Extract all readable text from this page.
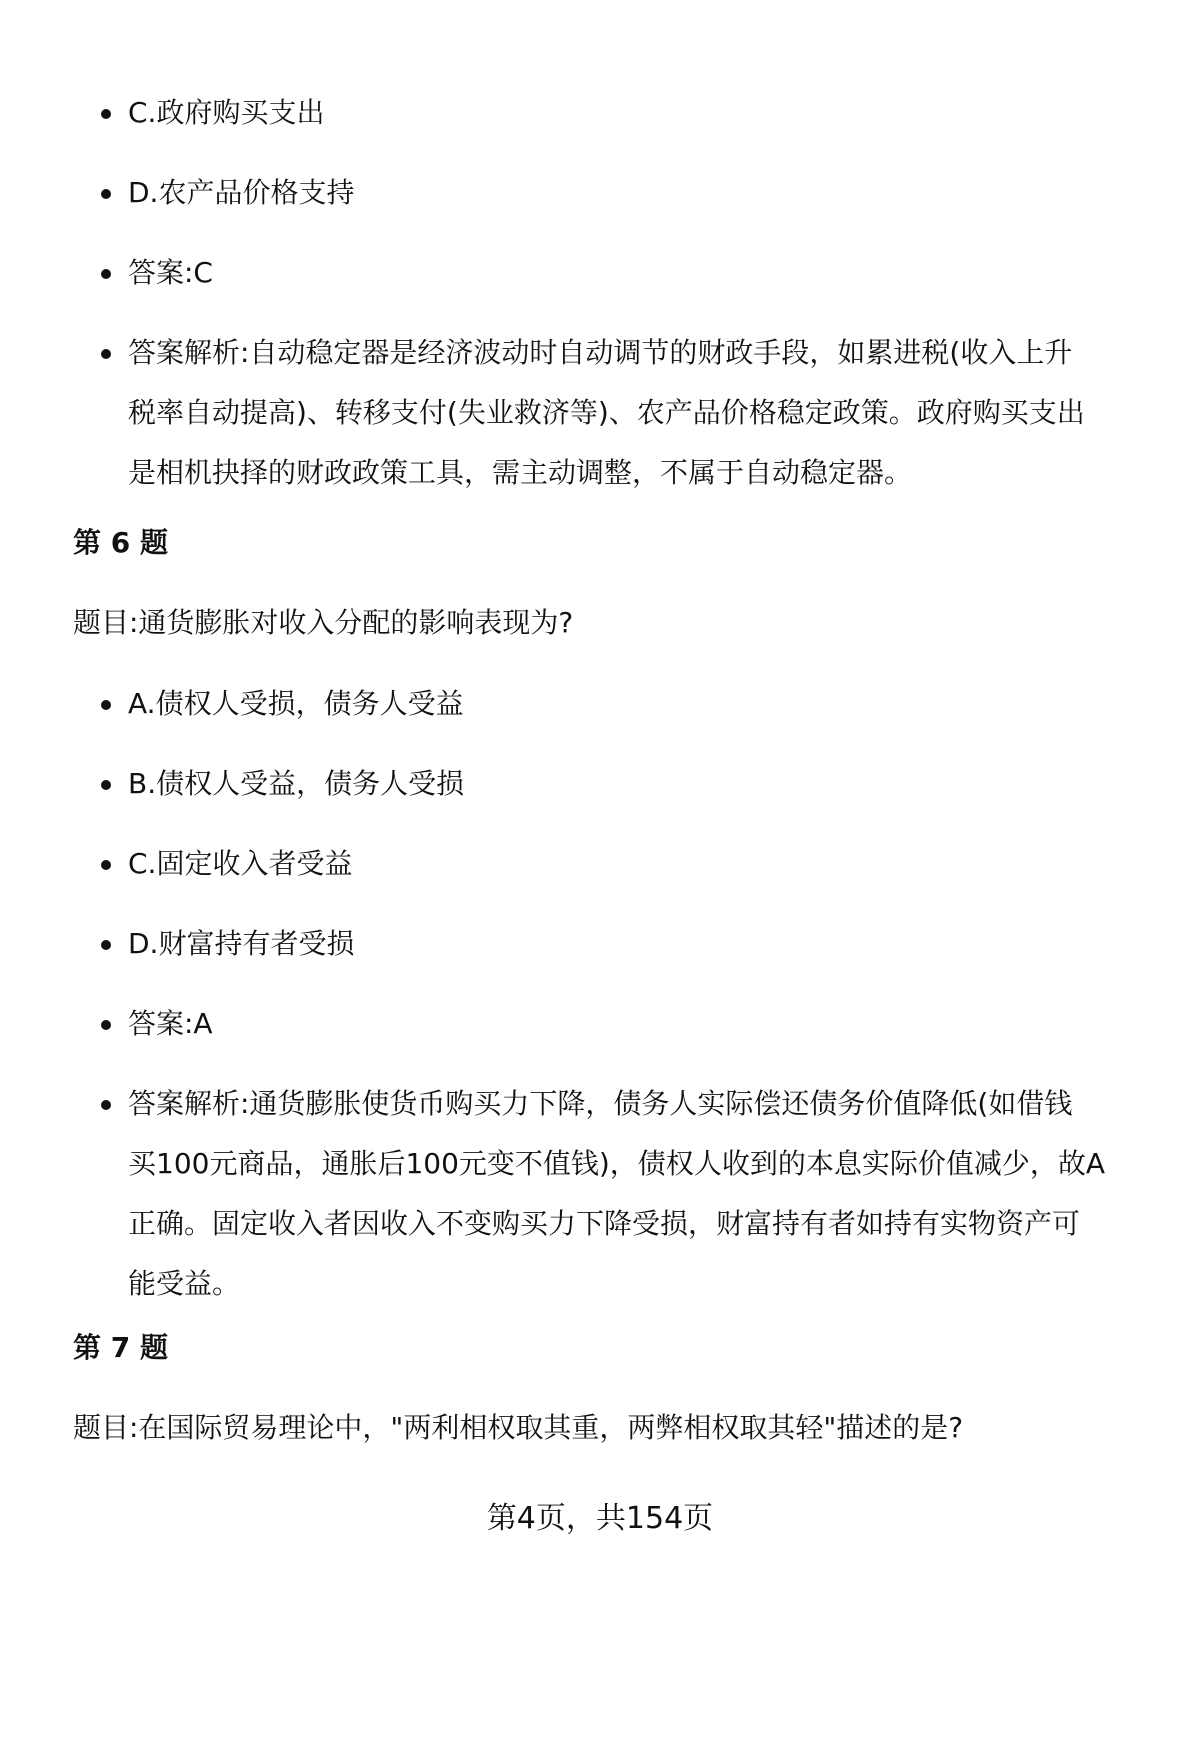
C.政府购买支出
D.农产品价格支持
答案:C
答案解析:自动稳定器是经济波动时自动调节的财政手段，如累进税(收入上升
税率自动提高)、转移支付(失业救济等)、农产品价格稳定政策。政府购买支出
是相机抉择的财政政策工具，需主动调整，不属于自动稳定器。
第 6 题

题目:通货膨胀对收入分配的影响表现为?

A.债权人受损，债务人受益
B.债权人受益，债务人受损
C.固定收入者受益
D.财富持有者受损
答案:A
答案解析:通货膨胀使货币购买力下降，债务人实际偿还债务价值降低(如借钱
买100元商品，通胀后100元变不值钱)，债权人收到的本息实际价值减少，故A
正确。固定收入者因收入不变购买力下降受损，财富持有者如持有实物资产可
能受益。
第 7 题

题目:在国际贸易理论中，"两利相权取其重，两弊相权取其轻"描述的是?

第4页，共154页
